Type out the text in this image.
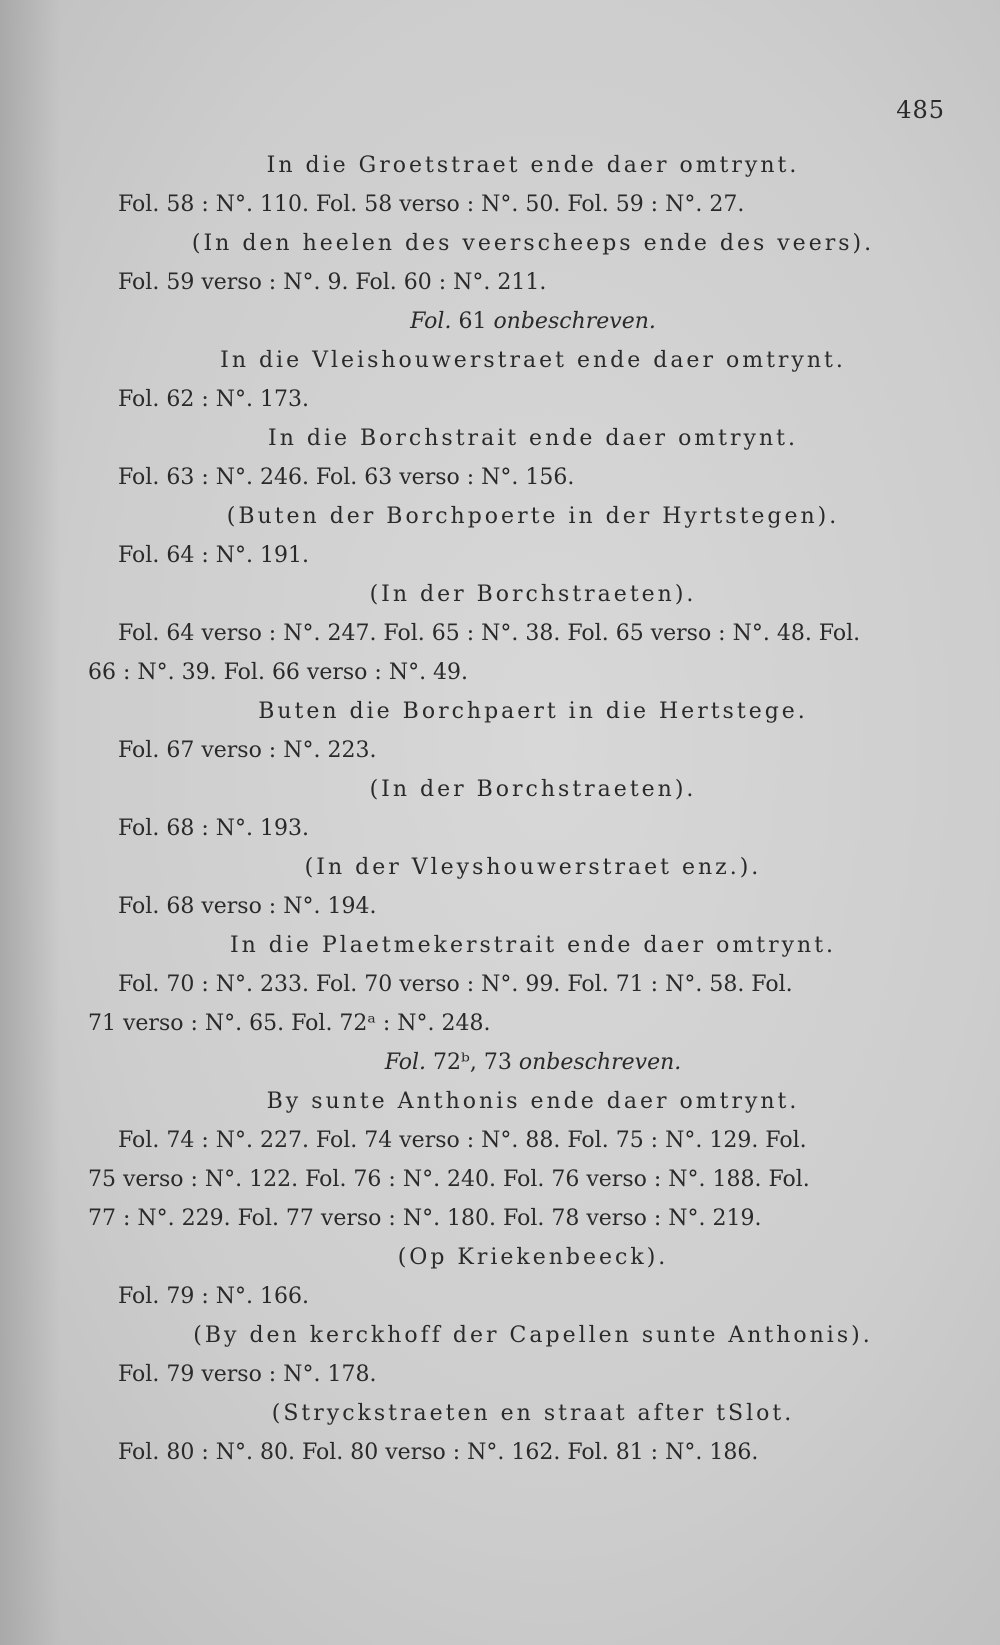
485

In die Groetstraet ende daer omtrynt.

Fol. 58 : N°. 110. Fol. 58 verso : N°. 50. Fol. 59 : N°. 27.

(In den heelen des veerscheeps ende des veers).

Fol. 59 verso : N°. 9. Fol. 60 : N°. 211.

Fol. 61 onbeschreven.

In die Vleishouwerstraet ende daer omtrynt.

Fol. 62 : N°. 173.

In die Borchstrait ende daer omtrynt.

Fol. 63 : N°. 246. Fol. 63 verso : N°. 156.

(Buten der Borchpoerte in der Hyrtstegen).

Fol. 64 : N°. 191.

(In der Borchstraeten).

Fol. 64 verso : N°. 247. Fol. 65 : N°. 38. Fol. 65 verso : N°. 48. Fol.

66 : N°. 39. Fol. 66 verso : N°. 49.

Buten die Borchpaert in die Hertstege.

Fol. 67 verso : N°. 223.

(In der Borchstraeten).

Fol. 68 : N°. 193.

(In der Vleyshouwerstraet enz.).

Fol. 68 verso : N°. 194.

In die Plaetmekerstrait ende daer omtrynt.

Fol. 70 : N°. 233. Fol. 70 verso : N°. 99. Fol. 71 : N°. 58. Fol.

71 verso : N°. 65. Fol. 72ᵃ : N°. 248.

Fol. 72ᵇ, 73 onbeschreven.

By sunte Anthonis ende daer omtrynt.

Fol. 74 : N°. 227. Fol. 74 verso : N°. 88. Fol. 75 : N°. 129. Fol.

75 verso : N°. 122. Fol. 76 : N°. 240. Fol. 76 verso : N°. 188. Fol.

77 : N°. 229. Fol. 77 verso : N°. 180. Fol. 78 verso : N°. 219.

(Op Kriekenbeeck).

Fol. 79 : N°. 166.

(By den kerckhoff der Capellen sunte Anthonis).

Fol. 79 verso : N°. 178.

(Stryckstraeten en straat after tSlot.

Fol. 80 : N°. 80. Fol. 80 verso : N°. 162. Fol. 81 : N°. 186.
